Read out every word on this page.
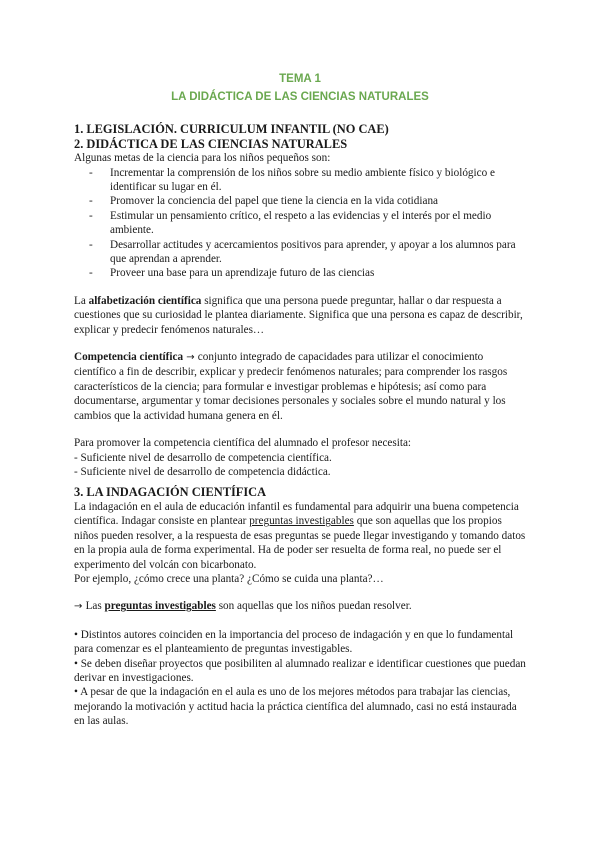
TEMA 1
LA DIDÁCTICA DE LAS CIENCIAS NATURALES
1. LEGISLACIÓN. CURRICULUM INFANTIL (NO CAE)
2. DIDÁCTICA DE LAS CIENCIAS NATURALES

Algunas metas de la ciencia para los niños pequeños son:

- Incrementar la comprensión de los niños sobre su medio ambiente físico y biológico e identificar su lugar en él.
- Promover la conciencia del papel que tiene la ciencia en la vida cotidiana
- Estimular un pensamiento crítico, el respeto a las evidencias y el interés por el medio ambiente.
- Desarrollar actitudes y acercamientos positivos para aprender, y apoyar a los alumnos para que aprendan a aprender.
- Proveer una base para un aprendizaje futuro de las ciencias

La alfabetización científica significa que una persona puede preguntar, hallar o dar respuesta a cuestiones que su curiosidad le plantea diariamente. Significa que una persona es capaz de describir, explicar y predecir fenómenos naturales…

Competencia científica → conjunto integrado de capacidades para utilizar el conocimiento científico a fin de describir, explicar y predecir fenómenos naturales; para comprender los rasgos característicos de la ciencia; para formular e investigar problemas e hipótesis; así como para documentarse, argumentar y tomar decisiones personales y sociales sobre el mundo natural y los cambios que la actividad humana genera en él.

Para promover la competencia científica del alumnado el profesor necesita:

- Suficiente nivel de desarrollo de competencia científica.

- Suficiente nivel de desarrollo de competencia didáctica.

3. LA INDAGACIÓN CIENTÍFICA

La indagación en el aula de educación infantil es fundamental para adquirir una buena competencia científica. Indagar consiste en plantear preguntas investigables que son aquellas que los propios niños pueden resolver, a la respuesta de esas preguntas se puede llegar investigando y tomando datos en la propia aula de forma experimental. Ha de poder ser resuelta de forma real, no puede ser el experimento del volcán con bicarbonato.

Por ejemplo, ¿cómo crece una planta? ¿Cómo se cuida una planta?…

→ Las preguntas investigables son aquellas que los niños puedan resolver.

• Distintos autores coinciden en la importancia del proceso de indagación y en que lo fundamental para comenzar es el planteamiento de preguntas investigables.

• Se deben diseñar proyectos que posibiliten al alumnado realizar e identificar cuestiones que puedan derivar en investigaciones.

• A pesar de que la indagación en el aula es uno de los mejores métodos para trabajar las ciencias, mejorando la motivación y actitud hacia la práctica científica del alumnado, casi no está instaurada en las aulas.
